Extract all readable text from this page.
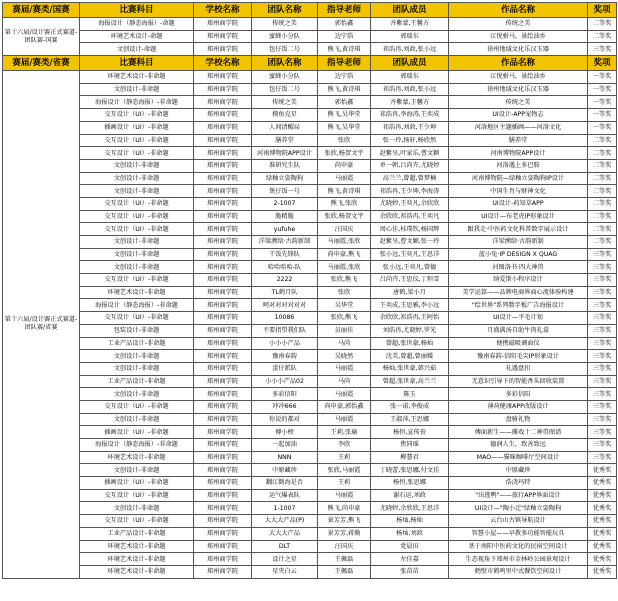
赛届/赛类/国赛	比赛科目	学校名称	团队名称	指导老师	团队成员	作品名称	奖项
第十六届/设计赛正式赛道-团队赛-国赛	海报设计（静态海报）-命题	郑州商学院	传统之美	郭怡鑫	齐紫蒙,王馨方	传统之美	二等奖
	环境艺术设计-命题	郑州商学院	蜜蜂小分队	边宁浩	郭瑞东	江悦驸马，景绘油乡	二等奖
	文创设计-命题	郑州商学院	包仔饭二号	熊飞,黄诗琪	祁浩冉,刘政,张小远	徐州地域文化乐汉玉器	三等奖
赛届/赛类/省赛	比赛科目	学校名称	团队名称	指导老师	团队成员	作品名称	奖项
第十六届/设计赛正式赛道-团队赛/省赛	环境艺术设计-非命题	郑州商学院	蜜蜂小分队	边宁浩	郭瑞东	江悦驸马，景绘油乡	一等奖
	文创设计-非命题	郑州商学院	包仔饭二号	熊飞,黄诗琪	祁浩冉,刘政,张小远	徐州地域文化乐汉玉器	一等奖
	海报设计（静态海报）-非命题	郑州商学院	传统之美	郭怡鑫	齐紫蒙,王馨方	传统之美	一等奖
	交互设计（UI）-非命题	郑州商学院	摸鱼克星	熊飞,吴华堂	祁浩冉,李海涛,王奕成	UI设计-APP宠物志	一等奖
	插画设计（UI）-非命题	郑州商学院	人间清醒局	熊飞,吴华堂	祁浩冉,刘政,王少坤	河洛地区主题插画——河洛文化	一等奖
	交互设计（UI）-非命题	郑州商学院	膳养堂	张欣	张一玲,扬轩,杨欣然	膳养堂	二等奖
	交互设计（UI）-非命题	郑州商学院	河南博物院APP设计	张欣,杨贺文宇	赵紫呈,叶家乐,曹文颖	河南博物院APP设计	二等奖
	文创设计-非命题	郑州商学院	准研究生队	尚申豪	单一朝,吕尚卉,尤晓婷	河洛遇上多巴胺	二等奖
	文创设计-非命题	郑州商学院	绿釉立姿陶狗	马丽霞	高兰兰,曾超,曾梦楠	河南博物院—绿釉立姿陶狗IP设计	二等奖
	文创设计-非命题	郑州商学院	煲仔饭一号	熊飞,黄诗琪	祁浩冉,王少坤,李海涛	中国生肖与财神文化	二等奖
	交互设计（UI）-非命题	郑州商学院	2-1007	熊飞,张欣	尤晓婷,王奕凡,余欣欣	UI设计-药知草APP	二等奖
	交互设计（UI）-非命题	郑州商学院	脆精脆	张欣,杨贺文宇	余欣欣,祁浩冉,王奕凡	UI设计—布老虎IP形象设计	二等奖
	交互设计（UI）-非命题	郑州商学院	yufuhe	汪国庆	周心佳,桂璞钦,杨国辉	跟我走·中医药文化科普数字展示设计	二等奖
	文创设计-非命题	郑州商学院	洋粱溯给·古韵新制	马丽霞,张欣	赵紫呈,曹文颖,张一玲	洋梁溯给·古韵新制	二等奖
	文创设计-非命题	郑州商学院	干饭先锋队	尚申豪,熊飞	张小远,王奕凡,王思洋	蓝小兔·IP DESIGN X QUAG	三等奖
	文创设计-非命题	郑州商学院	哈哈哈哈-队	马丽霞,张欣	张小远,王奕凡,曾德	河图洛书·四大神兽	三等奖
	交互设计（UI）-非命题	郑州商学院	2222	张欣,熊飞	吕尚卉,王思仪,丁烜雪	纳爱斯小程序设计	三等奖
	环境艺术设计-非命题	郑州商学院	TL鹤月队	张欣	唐鹤,梁小月	美学运算——品牌电商界面心流体验构建	三等奖
	海报设计（静态海报）-非命题	郑州商学院	呵对对对对对对	吴华堂	王奕成,王思雅,李小远	"绘世界"系列数字板广告海报设计	三等奖
	交互设计（UI）-非命题	郑州商学院	10086	张欣,熊飞	余欣欣,祁浩冉,王阿怡	UI设计—平毛计划	三等奖
	包装设计-非命题	郑州商学院	不要指望我们队	员丽佳	刘浩冉,尤晓婷,罗光	月盛满汤自助牛肉礼盒	三等奖
	工业产品设计-非命题	郑州商学院	小小小产品	马尚	曾超,张世豪,杨灿	便携磁吸调面仪	三等奖
	文创设计-非命题	郑州商学院	豫南春韵	吴晓然	沈美,曾超,曾丽媛	豫南春韵-信阳毛尖IP形象设计	三等奖
	文创设计-非命题	郑州商学院	蛋仔派队	马丽霞	杨灿,张世豪,韩兴茹	礼遇盘扣	三等奖
	工业产品设计-非命题	郑州商学院	小小小产品02	马尚	曾超,张世豪,高兰兰	无意识引导下的智能香头回收装置	三等奖
	文创设计-非命题	郑州商学院	多彩信阳	马丽霞	陈玉	多彩信阳	三等奖
	交互设计（UI）-非命题	郑州商学院	冲冲666	尚申豪,郭怡鑫	张一诺,李俊成	薄荷健康APP改版设计	三等奖
	文创设计-非命题	郑州商学院	你说的都对	马丽霞	王淑萍,王思娜	盘骑礼物	三等奖
	插画设计（UI）-非命题	郑州商学院	傅小榜	王莉,张瑜	杨恒,宣传丧	傅面新生——傩戏十二神兽图谱	三等奖
	海报设计（静态海报）-非命题	郑州商学院	一起加油	李欣	焦同瑶	德润人生，致善致远	三等奖
	环境艺术设计-非命题	郑州商学院	NNN	王莉	柳慧君	MAO——猫咪咖啡厅空间设计	三等奖
	文创设计-非命题	郑州商学院	中原藏珍	张欣,马丽霞	丁晓蕾,张思娜,付文佳	中原藏珍	优秀奖
	插画设计（UI）-非命题	郑州商学院	翻江倒海是否	王莉	杨恒,张思娜	浩浇玛特	优秀奖
	交互设计（UI）-非命题	郑州商学院	运气爆表队	马丽霞	谢石运,刘政	"出逃鸭"——旅行APP界面设计	优秀奖
	文创设计-非命题	郑州商学院	1-1007	熊飞,尚申豪	尤晓婷,余欣欣,王思洋	UI设计—"陶小迁"绿釉立姿陶狗	优秀奖
	交互设计（UI）-非命题	郑州商学院	大大大产品(P)	景芳芳,熊飞	杨灿,杨灿	云台山古镇导航设计	优秀奖
	工业产品设计-非命题	郑州商学院	大大大产品	景芳芳,蒋勤	杨灿,刘政	智慧小屋——早教多功能智能玩具	优秀奖
	环境艺术设计-非命题	郑州商学院	DLT	汪国庆	党晨田	基于南阳中医药文化的民宿空间设计	优秀奖
	环境艺术设计-非命题	郑州商学院	设计之星	王佩磊	左佳嘉	生态视角下郑州市金林岭公园景观设计	优秀奖
	环境艺术设计-非命题	郑州商学院	星夹白云	王佩磊	张苗苗	鹤壁市鹤鸣里中式餐饮空间设计	优秀奖
